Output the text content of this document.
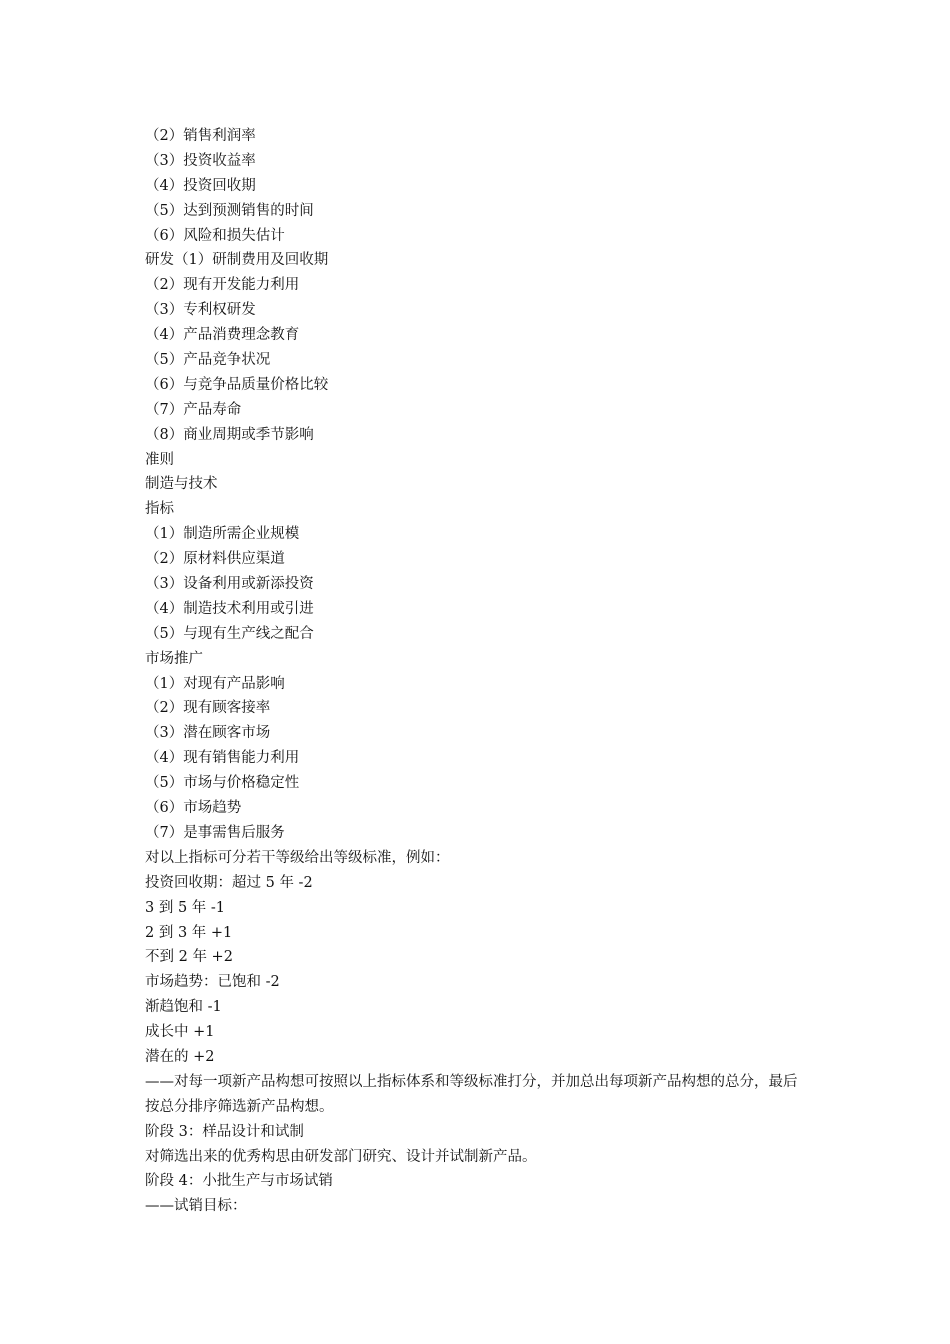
（2）销售利润率
（3）投资收益率
（4）投资回收期
（5）达到预测销售的时间
（6）风险和损失估计
研发（1）研制费用及回收期
（2）现有开发能力利用
（3）专利权研发
（4）产品消费理念教育
（5）产品竞争状况
（6）与竞争品质量价格比较
（7）产品寿命
（8）商业周期或季节影响
准则
制造与技术
指标
（1）制造所需企业规模
（2）原材料供应渠道
（3）设备利用或新添投资
（4）制造技术利用或引进
（5）与现有生产线之配合
市场推广
（1）对现有产品影响
（2）现有顾客接率
（3）潜在顾客市场
（4）现有销售能力利用
（5）市场与价格稳定性
（6）市场趋势
（7）是事需售后服务
对以上指标可分若干等级给出等级标准，例如：
投资回收期：超过 5 年 -2
3 到 5 年 -1
2 到 3 年 +1
不到 2 年 +2
市场趋势：已饱和 -2
渐趋饱和 -1
成长中 +1
潜在的 +2
——对每一项新产品构想可按照以上指标体系和等级标准打分，并加总出每项新产品构想的总分，最后按总分排序筛选新产品构想。
阶段 3：样品设计和试制
对筛选出来的优秀构思由研发部门研究、设计并试制新产品。
阶段 4：小批生产与市场试销
——试销目标：
